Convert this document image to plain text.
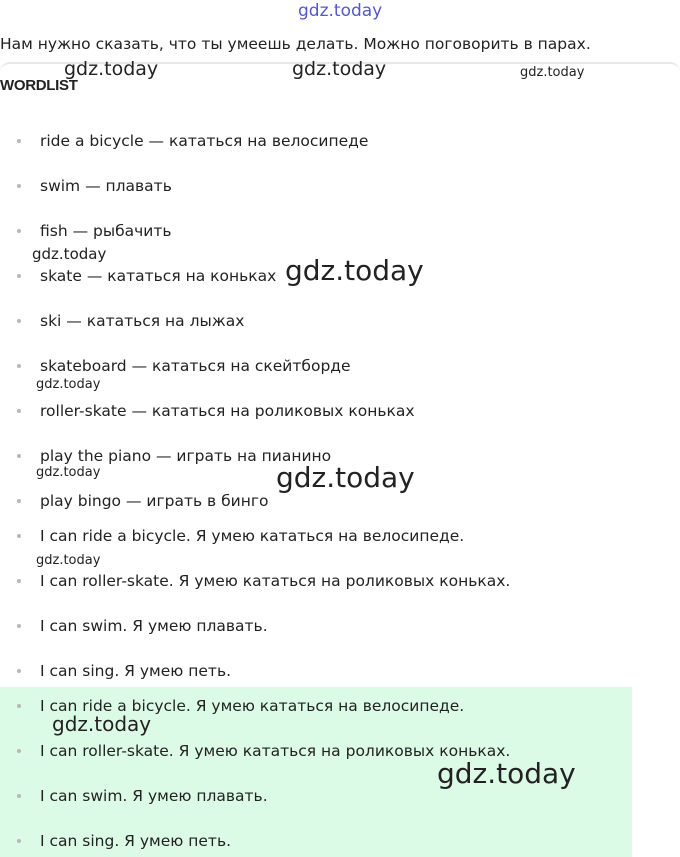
Нам нужно сказать, что ты умеешь делать. Можно поговорить в парах.
WORDLIST
ride a bicycle — кататься на велосипеде
swim — плавать
fish — рыбачить
skate — кататься на коньках
ski — кататься на лыжах
skateboard — кататься на скейтборде
roller-skate — кататься на роликовых коньках
play the piano — играть на пианино
play bingo — играть в бинго
I can ride a bicycle. Я умею кататься на велосипеде.
I can roller-skate. Я умею кататься на роликовых коньках.
I can swim. Я умею плавать.
I can sing. Я умею петь.
I can ride a bicycle. Я умею кататься на велосипеде.
I can roller-skate. Я умею кататься на роликовых коньках.
I can swim. Я умею плавать.
I can sing. Я умею петь.
gdz.today
gdz.today	gdz.today	gdz.today
gdz.today	gdz.today
gdz.today
gdz.today	gdz.today
gdz.today
gdz.today
gdz.today
